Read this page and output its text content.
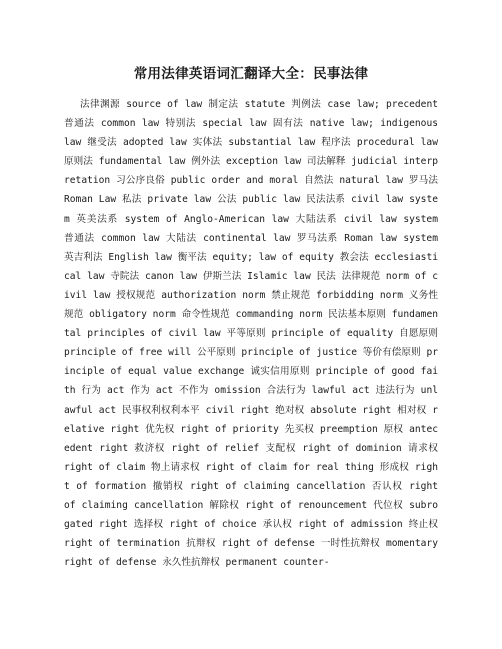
常用法律英语词汇翻译大全：民事法律

法律渊源 source of law 制定法 statute 判例法 case law; precedent 普通法 common law 特别法 special law 固有法 native law; indigenous law 继受法 adopted law 实体法 substantial law 程序法 procedural law 原则法 fundamental law 例外法 exception law 司法解释 judicial interpretation 习公序良俗 public order and moral 自然法 natural law 罗马法 Roman Law 私法 private law 公法 public law 民法法系 civil law system 英美法系 system of Anglo-American law 大陆法系 civil law system 普通法 common law 大陆法 continental law 罗马法系 Roman law system 英吉利法 English law 衡平法 equity; law of equity 教会法 ecclesiastical law 寺院法 canon law 伊斯兰法 Islamic law 民法 法律规范 norm of civil law 授权规范 authorization norm 禁止规范 forbidding norm 义务性规范 obligatory norm 命令性规范 commanding norm 民法基本原则 fundamental principles of civil law 平等原则 principle of equality 自愿原则 principle of free will 公平原则 principle of justice 等价有偿原则 principle of equal value exchange 诚实信用原则 principle of good faith 行为 act 作为 act 不作为 omission 合法行为 lawful act 违法行为 unlawful act 民事权利权利本平 civil right 绝对权 absolute right 相对权 relative right 优先权 right of priority 先买权 preemption 原权 antecedent right 救济权 right of relief 支配权 right of dominion 请求权 right of claim 物上请求权 right of claim for real thing 形成权 right of formation 撤销权 right of claiming cancellation 否认权 right of claiming cancellation 解除权 right of renouncement 代位权 subrogated right 选择权 right of choice 承认权 right of admission 终止权 right of termination 抗辩权 right of defense 一时性抗辩权 momentary right of defense 永久性抗辩权 permanent counter-
